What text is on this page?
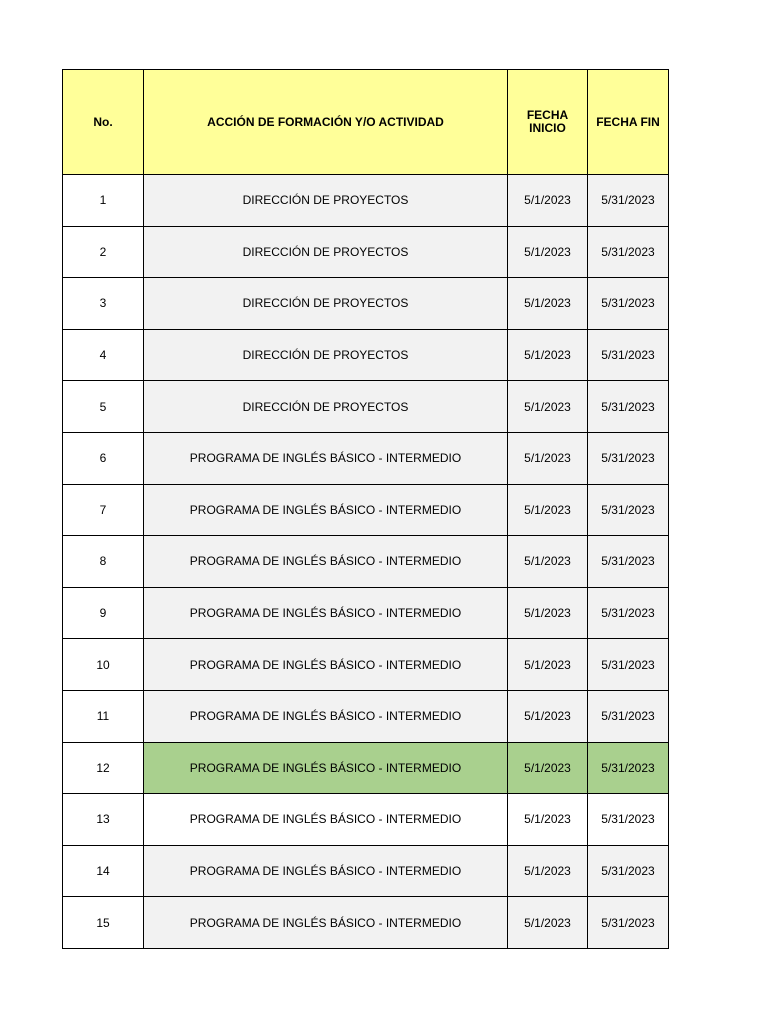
No.	ACCIÓN DE FORMACIÓN Y/O ACTIVIDAD	FECHA INICIO	FECHA FIN
1	DIRECCIÓN DE PROYECTOS	5/1/2023	5/31/2023
2	DIRECCIÓN DE PROYECTOS	5/1/2023	5/31/2023
3	DIRECCIÓN DE PROYECTOS	5/1/2023	5/31/2023
4	DIRECCIÓN DE PROYECTOS	5/1/2023	5/31/2023
5	DIRECCIÓN DE PROYECTOS	5/1/2023	5/31/2023
6	PROGRAMA DE INGLÉS BÁSICO - INTERMEDIO	5/1/2023	5/31/2023
7	PROGRAMA DE INGLÉS BÁSICO - INTERMEDIO	5/1/2023	5/31/2023
8	PROGRAMA DE INGLÉS BÁSICO - INTERMEDIO	5/1/2023	5/31/2023
9	PROGRAMA DE INGLÉS BÁSICO - INTERMEDIO	5/1/2023	5/31/2023
10	PROGRAMA DE INGLÉS BÁSICO - INTERMEDIO	5/1/2023	5/31/2023
11	PROGRAMA DE INGLÉS BÁSICO - INTERMEDIO	5/1/2023	5/31/2023
12	PROGRAMA DE INGLÉS BÁSICO - INTERMEDIO	5/1/2023	5/31/2023
13	PROGRAMA DE INGLÉS BÁSICO - INTERMEDIO	5/1/2023	5/31/2023
14	PROGRAMA DE INGLÉS BÁSICO - INTERMEDIO	5/1/2023	5/31/2023
15	PROGRAMA DE INGLÉS BÁSICO - INTERMEDIO	5/1/2023	5/31/2023
